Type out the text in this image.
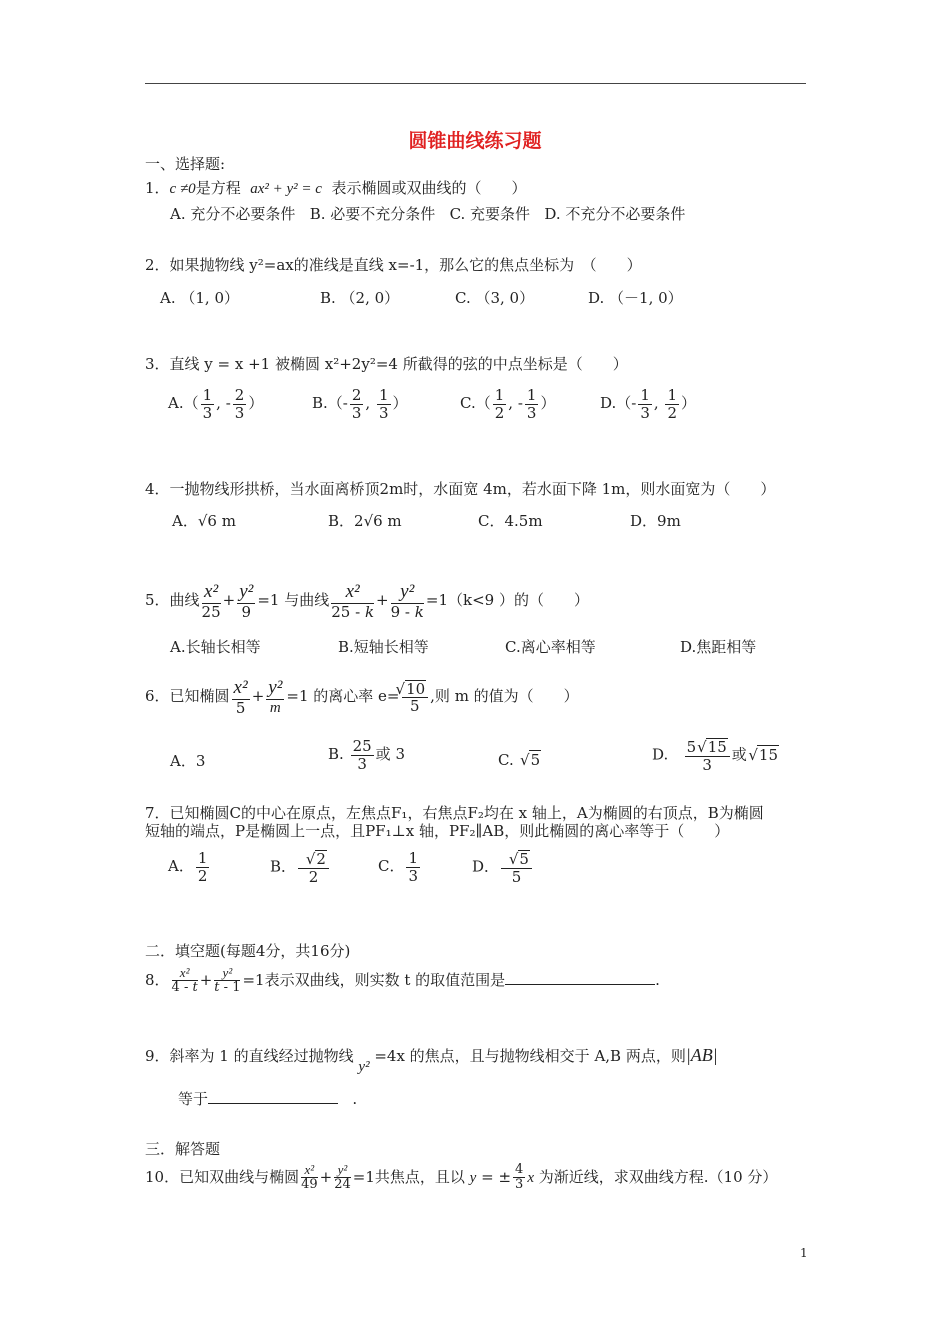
圆锥曲线练习题
一、选择题:
1．c ≠0是方程 ax² + y² = c 表示椭圆或双曲线的（　　）
A. 充分不必要条件 B. 必要不充分条件 C. 充要条件 D. 不充分不必要条件
2．如果抛物线 y²=ax的准线是直线 x=-1，那么它的焦点坐标为　（　　）
A. （1, 0）	B. （2, 0）	C. （3, 0）	D. （－1, 0）
3．直线 y = x +1 被椭圆 x²+2y²=4 所截得的弦的中点坐标是（　　）
$A.( \frac{1}{3}$ , - $\frac{2}{3}$ ）	$B.(- \frac{2}{3}$ , $\frac{1}{3}$ ）	$C.( \frac{1}{2}$ , - $\frac{1}{3}$ ）	$D.(- \frac{1}{3}$ , $\frac{1}{2}$ ）
4．一抛物线形拱桥，当水面离桥顶2m时，水面宽 4m，若水面下降 1m，则水面宽为（　　）
A．√6 m	B．2√6 m	C．4.5m	D．9m
5．曲线 $\frac{\text{x²}}{25} + \frac{\text{y²}}{9} =1$ 与曲线 $\frac{\text{x²}}{25 - k} + \frac{\text{y²}}{9 - k} =1(k<9$ ）的（　　）
A.长轴长相等	B.短轴长相等	C.离心率相等	D.焦距相等
6．已知椭圆 $\frac{\text{x²}}{5} + \frac{\text{y²}}{m} =1$ 的离心率 e= √ $\frac{10}{5}$ ,则 m 的值为（　　）
A．3	B. $\frac{25}{3}$ 或 3	C. √ 5	D. $\frac{5 √ 15}{3}$ 或 √ 15
7．已知椭圆C的中心在原点，左焦点F₁，右焦点F₂均在 x 轴上，A为椭圆的右顶点，B为椭圆
短轴的端点，P是椭圆上一点，且PF₁⊥x 轴，PF₂∥AB，则此椭圆的离心率等于（　　）
A． $\frac{1}{2}$	B． √ $\frac{2}{2}$	C． $\frac{1}{3}$	D． √ $\frac{5}{5}$
二．填空题(每题4分，共16分)
8． $\frac{\text{x²}}{4 - t} + \frac{\text{y²}}{t - 1} =1$表示双曲线，则实数 t 的取值范围是	.
9．斜率为 1 的直线经过抛物线 y² =4x 的焦点，且与抛物线相交于 A,B 两点，则|AB|
等于	.
三．解答题
10．已知双曲线与椭圆 $\frac{\text{x²}}{49} + \frac{\text{y²}}{24} =1$共焦点，且以 y = ± $\frac{4}{3}$ x 为渐近线，求双曲线方程.（10 分）
1
